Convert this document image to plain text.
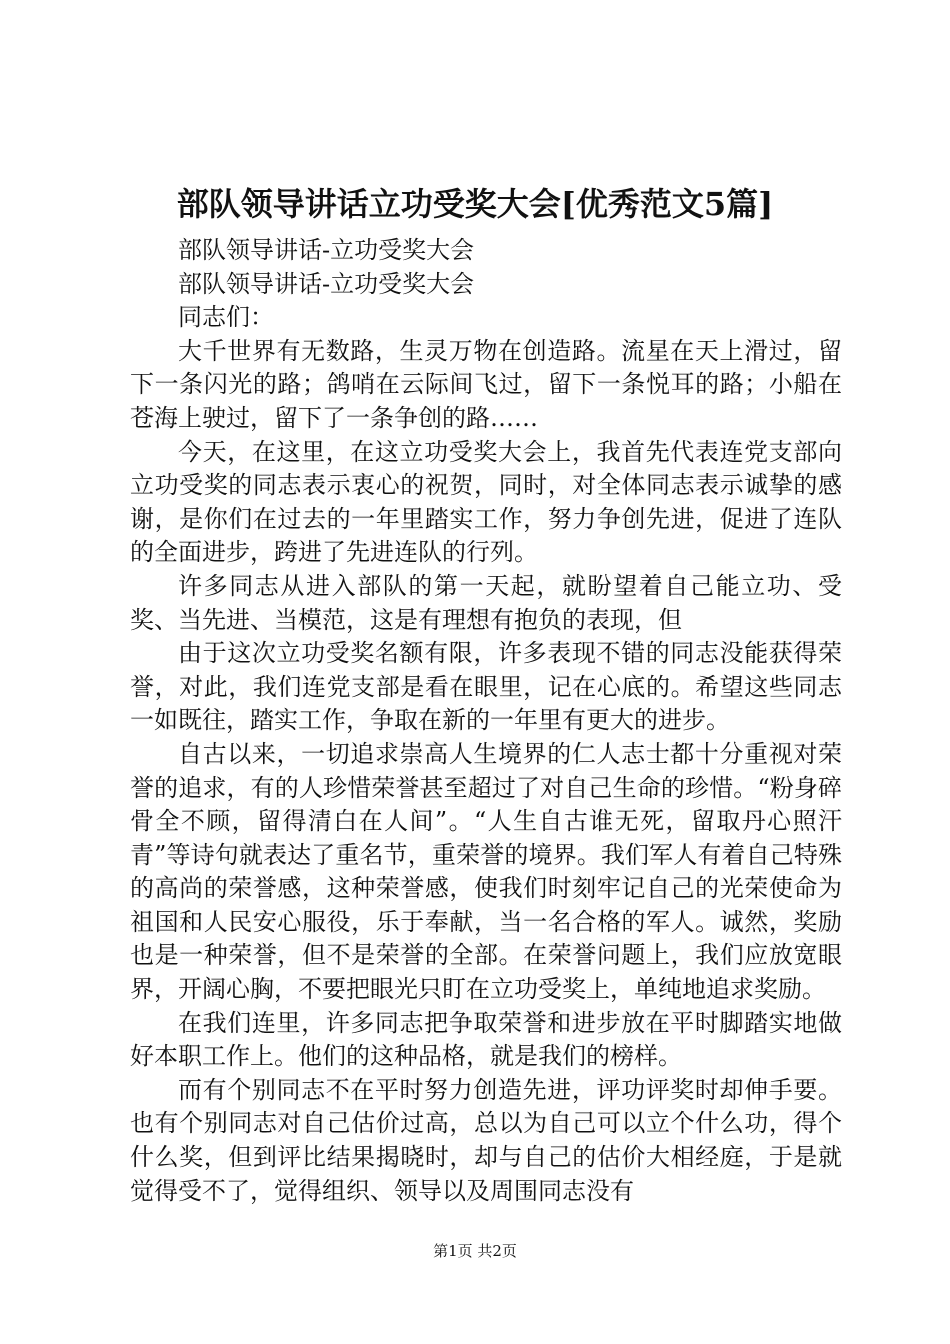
部队领导讲话立功受奖大会[优秀范文5篇]

部队领导讲话-立功受奖大会

部队领导讲话-立功受奖大会

同志们：

大千世界有无数路，生灵万物在创造路。流星在天上滑过，留下一条闪光的路；鸽哨在云际间飞过，留下一条悦耳的路；小船在苍海上驶过，留下了一条争创的路……

今天，在这里，在这立功受奖大会上，我首先代表连党支部向立功受奖的同志表示衷心的祝贺，同时，对全体同志表示诚挚的感谢，是你们在过去的一年里踏实工作，努力争创先进，促进了连队的全面进步，跨进了先进连队的行列。

许多同志从进入部队的第一天起，就盼望着自己能立功、受奖、当先进、当模范，这是有理想有抱负的表现，但

由于这次立功受奖名额有限，许多表现不错的同志没能获得荣誉，对此，我们连党支部是看在眼里，记在心底的。希望这些同志一如既往，踏实工作，争取在新的一年里有更大的进步。

自古以来，一切追求崇高人生境界的仁人志士都十分重视对荣誉的追求，有的人珍惜荣誉甚至超过了对自己生命的珍惜。“粉身碎骨全不顾，留得清白在人间”。“人生自古谁无死，留取丹心照汗青”等诗句就表达了重名节，重荣誉的境界。我们军人有着自己特殊的高尚的荣誉感，这种荣誉感，使我们时刻牢记自己的光荣使命为祖国和人民安心服役，乐于奉献，当一名合格的军人。诚然，奖励也是一种荣誉，但不是荣誉的全部。在荣誉问题上，我们应放宽眼界，开阔心胸，不要把眼光只盯在立功受奖上，单纯地追求奖励。

在我们连里，许多同志把争取荣誉和进步放在平时脚踏实地做好本职工作上。他们的这种品格，就是我们的榜样。

而有个别同志不在平时努力创造先进，评功评奖时却伸手要。也有个别同志对自己估价过高，总以为自己可以立个什么功，得个什么奖，但到评比结果揭晓时，却与自己的估价大相经庭，于是就觉得受不了，觉得组织、领导以及周围同志没有

第1页 共2页
